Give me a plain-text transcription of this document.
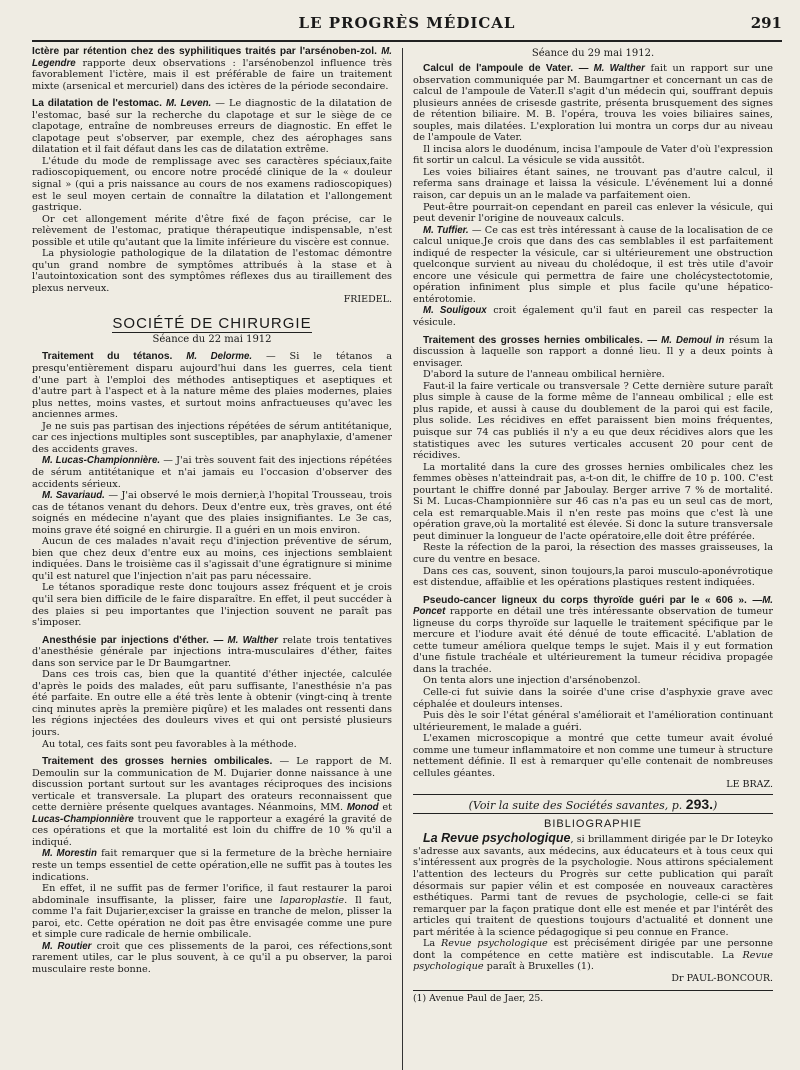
LE PROGRÈS MÉDICAL	291

Ictère par rétention chez des syphilitiques traités par l'arsénoben-zol. M. Legendre rapporte deux observations : l'arsénobenzol influence très favorablement l'ictère, mais il est préférable de faire un traitement mixte (arsenical et mercuriel) dans des ictères de la période secondaire.

La dilatation de l'estomac. M. Leven. — Le diagnostic de la dilatation de l'estomac, basé sur la recherche du clapotage et sur le siège de ce clapotage, entraîne de nombreuses erreurs de diagnostic. En effet le clapotage peut s'observer, par exemple, chez des aérophages sans dilatation et il fait défaut dans les cas de dilatation extrême.

L'étude du mode de remplissage avec ses caractères spéciaux,faite radioscopiquement, ou encore notre procédé clinique de la « douleur signal » (qui a pris naissance au cours de nos examens radioscopiques) est le seul moyen certain de connaître la dilatation et l'allongement gastrique.

Or cet allongement mérite d'être fixé de façon précise, car le relèvement de l'estomac, pratique thérapeutique indispensable, n'est possible et utile qu'autant que la limite inférieure du viscère est connue.

La physiologie pathologique de la dilatation de l'estomac démontre qu'un grand nombre de symptômes attribués à la stase et à l'autointoxication sont des symptômes réflexes dus au tiraillement des plexus nerveux.

FRIEDEL.
SOCIÉTÉ DE CHIRURGIE
Séance du 22 mai 1912

Traitement du tétanos. M. Delorme. — Si le tétanos a presqu'entièrement disparu aujourd'hui dans les guerres, cela tient d'une part à l'emploi des méthodes antiseptiques et aseptiques et d'autre part à l'aspect et à la nature même des plaies modernes, plaies plus nettes, moins vastes, et surtout moins anfractueuses qu'avec les anciennes armes.

Je ne suis pas partisan des injections répétées de sérum antitétanique, car ces injections multiples sont susceptibles, par anaphylaxie, d'amener des accidents graves.

M. Lucas-Championnière. — J'ai très souvent fait des injections répétées de sérum antitétanique et n'ai jamais eu l'occasion d'observer des accidents sérieux.

M. Savariaud. — J'ai observé le mois dernier,à l'hopital Trousseau, trois cas de tétanos venant du dehors. Deux d'entre eux, très graves, ont été soignés en médecine n'ayant que des plaies insignifiantes. Le 3e cas, moins grave été soigné en chirurgie. Il a guéri en un mois environ.

Aucun de ces malades n'avait reçu d'injection préventive de sérum, bien que chez deux d'entre eux au moins, ces injections semblaient indiquées. Dans le troisième cas il s'agissait d'une égratignure si minime qu'il est naturel que l'injection n'ait pas paru nécessaire.

Le tétanos sporadique reste donc toujours assez fréquent et je crois qu'il sera bien difficile de le faire disparaître. En effet, il peut succéder à des plaies si peu importantes que l'injection souvent ne paraît pas s'imposer.

Anesthésie par injections d'éther. — M. Walther relate trois tentatives d'anesthésie générale par injections intra-musculaires d'éther, faites dans son service par le Dr Baumgartner.

Dans ces trois cas, bien que la quantité d'éther injectée, calculée d'après le poids des malades, eût paru suffisante, l'anesthésie n'a pas été parfaite. En outre elle a été très lente à obtenir (vingt-cinq à trente cinq minutes après la première piqûre) et les malades ont ressenti dans les régions injectées des douleurs vives et qui ont persisté plusieurs jours.

Au total, ces faits sont peu favorables à la méthode.

Traitement des grosses hernies ombilicales. — Le rapport de M. Demoulin sur la communication de M. Dujarier donne naissance à une discussion portant surtout sur les avantages réciproques des incisions verticale et transversale. La plupart des orateurs reconnaissent que cette dernière présente quelques avantages. Néanmoins, MM. Monod et Lucas-Championnière trouvent que le rapporteur a exagéré la gravité de ces opérations et que la mortalité est loin du chiffre de 10 % qu'il a indiqué.

M. Morestin fait remarquer que si la fermeture de la brèche herniaire reste un temps essentiel de cette opération,elle ne suffit pas à toutes les indications.

En effet, il ne suffit pas de fermer l'orifice, il faut restaurer la paroi abdominale insuffisante, la plisser, faire une laparoplastie. Il faut, comme l'a fait Dujarier,exciser la graisse en tranche de melon, plisser la paroi, etc. Cette opération ne doit pas être envisagée comme une pure et simple cure radicale de hernie ombilicale.

M. Routier croit que ces plissements de la paroi, ces réfections,sont rarement utiles, car le plus souvent, à ce qu'il a pu observer, la paroi musculaire reste bonne.

Séance du 29 mai 1912.

Calcul de l'ampoule de Vater. — M. Walther fait un rapport sur une observation communiquée par M. Baumgartner et concernant un cas de calcul de l'ampoule de Vater.Il s'agit d'un médecin qui, souffrant depuis plusieurs années de crisesde gastrite, présenta brusquement des signes de rétention biliaire. M. B. l'opéra, trouva les voies biliaires saines, souples, mais dilatées. L'exploration lui montra un corps dur au niveau de l'ampoule de Vater.

Il incisa alors le duodénum, incisa l'ampoule de Vater d'où l'expression fit sortir un calcul. La vésicule se vida aussitôt.

Les voies biliaires étant saines, ne trouvant pas d'autre calcul, il referma sans drainage et laissa la vésicule. L'événement lui a donné raison, car depuis un an le malade va parfaitement oien.

Peut-être pourrait-on cependant en pareil cas enlever la vésicule, qui peut devenir l'origine de nouveaux calculs.

M. Tuffier. — Ce cas est très intéressant à cause de la localisation de ce calcul unique.Je crois que dans des cas semblables il est parfaitement indiqué de respecter la vésicule, car si ultérieurement une obstruction quelconque survient au niveau du cholédoque, il est très utile d'avoir encore une vésicule qui permettra de faire une cholécystectotomie, opération infiniment plus simple et plus facile qu'une hépatico-entérotomie.

M. Souligoux croit également qu'il faut en pareil cas respecter la vésicule.

Traitement des grosses hernies ombilicales. — M. Demoul in résum la discussion à laquelle son rapport a donné lieu. Il y a deux points à envisager.

D'abord la suture de l'anneau ombilical hernière.

Faut-il la faire verticale ou transversale ? Cette dernière suture paraît plus simple à cause de la forme même de l'anneau ombilical ; elle est plus rapide, et aussi à cause du doublement de la paroi qui est facile, plus solide. Les récidives en effet paraissent bien moins fréquentes, puisque sur 74 cas publiés il n'y a eu que deux récidives alors que les statistiques avec les sutures verticales accusent 20 pour cent de récidives.

La mortalité dans la cure des grosses hernies ombilicales chez les femmes obèses n'atteindrait pas, a-t-on dit, le chiffre de 10 p. 100. C'est pourtant le chiffre donné par Jaboulay. Berger arrive 7 % de mortalité. Si M. Lucas-Championnière sur 46 cas n'a pas eu un seul cas de mort, cela est remarquable.Mais il n'en reste pas moins que c'est là une opération grave,où la mortalité est élevée. Si donc la suture transversale peut diminuer la longueur de l'acte opératoire,elle doit être préférée.

Reste la réfection de la paroi, la résection des masses graisseuses, la cure du ventre en besace.

Dans ces cas, souvent, sinon toujours,la paroi musculo-aponévrotique est distendue, affaiblie et les opérations plastiques restent indiquées.

Pseudo-cancer ligneux du corps thyroïde guéri par le « 606 ». —M. Poncet rapporte en détail une très intéressante observation de tumeur ligneuse du corps thyroïde sur laquelle le traitement spécifique par le mercure et l'iodure avait été dénué de toute efficacité. L'ablation de cette tumeur améliora quelque temps le sujet. Mais il y eut formation d'une fistule trachéale et ultérieurement la tumeur récidiva propagée dans la trachée.

On tenta alors une injection d'arsénobenzol.

Celle-ci fut suivie dans la soirée d'une crise d'asphyxie grave avec céphalée et douleurs intenses.

Puis dès le soir l'état général s'améliorait et l'amélioration continuant ultérieurement, le malade a guéri.

L'examen microscopique a montré que cette tumeur avait évolué comme une tumeur inflammatoire et non comme une tumeur à structure nettement définie. Il est à remarquer qu'elle contenait de nombreuses cellules géantes.

LE BRAZ.
(Voir la suite des Sociétés savantes, p. 293.)
BIBLIOGRAPHIE

La Revue psychologique, si brillamment dirigée par le Dr Ioteyko s'adresse aux savants, aux médecins, aux éducateurs et à tous ceux qui s'intéressent aux progrès de la psychologie. Nous attirons spécialement l'attention des lecteurs du Progrès sur cette publication qui paraît désormais sur papier vélin et est composée en nouveaux caractères esthétiques. Parmi tant de revues de psychologie, celle-ci se fait remarquer par la façon pratique dont elle est menée et par l'intérêt des articles qui traitent de questions toujours d'actualité et donnent une part méritée à la science pédagogique si peu connue en France.

La Revue psychologique est précisément dirigée par une personne dont la compétence en cette matière est indiscutable. La Revue psychologique paraît à Bruxelles (1).

Dr PAUL-BONCOUR.

(1) Avenue Paul de Jaer, 25.
